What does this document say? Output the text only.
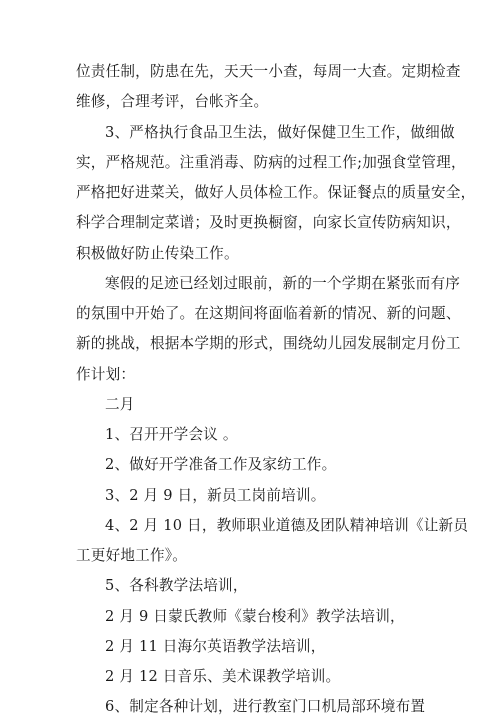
位责任制，防患在先，天天一小查，每周一大查。定期检查
维修，合理考评，台帐齐全。
3、严格执行食品卫生法，做好保健卫生工作，做细做
实，严格规范。注重消毒、防病的过程工作;加强食堂管理，
严格把好进菜关，做好人员体检工作。保证餐点的质量安全，
科学合理制定菜谱；及时更换橱窗，向家长宣传防病知识，
积极做好防止传染工作。
寒假的足迹已经划过眼前，新的一个学期在紧张而有序
的氛围中开始了。在这期间将面临着新的情况、新的问题、
新的挑战，根据本学期的形式，围绕幼儿园发展制定月份工
作计划：
二月
1、召开开学会议 。
2、做好开学准备工作及家纺工作。
3、2 月 9 日，新员工岗前培训。
4、2 月 10 日，教师职业道德及团队精神培训《让新员
工更好地工作》。
5、各科教学法培训，
2 月 9 日蒙氏教师《蒙台梭利》教学法培训，
2 月 11 日海尔英语教学法培训，
2 月 12 日音乐、美术课教学培训。
6、制定各种计划，进行教室门口机局部环境布置
